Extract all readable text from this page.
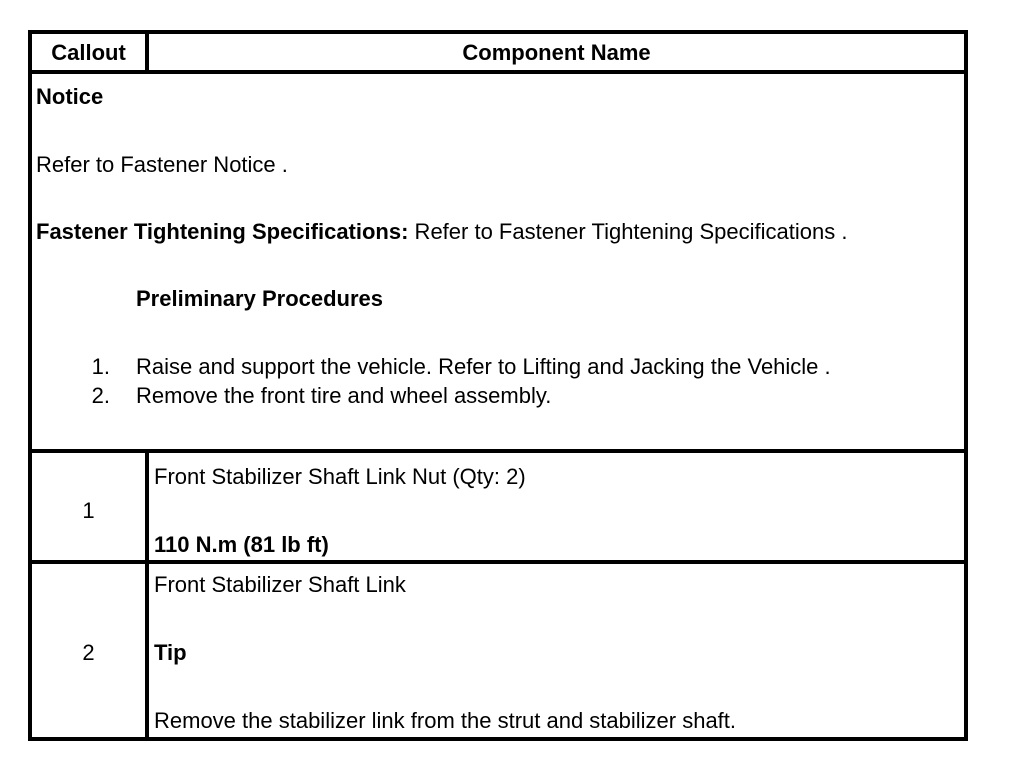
Callout	Component Name
Notice
Refer to Fastener Notice .
Fastener Tightening Specifications: Refer to Fastener Tightening Specifications .
Preliminary Procedures
1. Raise and support the vehicle. Refer to Lifting and Jacking the Vehicle .
2. Remove the front tire and wheel assembly.
1
Front Stabilizer Shaft Link Nut (Qty: 2)
110 N.m (81 lb ft)
2
Front Stabilizer Shaft Link
Tip
Remove the stabilizer link from the strut and stabilizer shaft.
